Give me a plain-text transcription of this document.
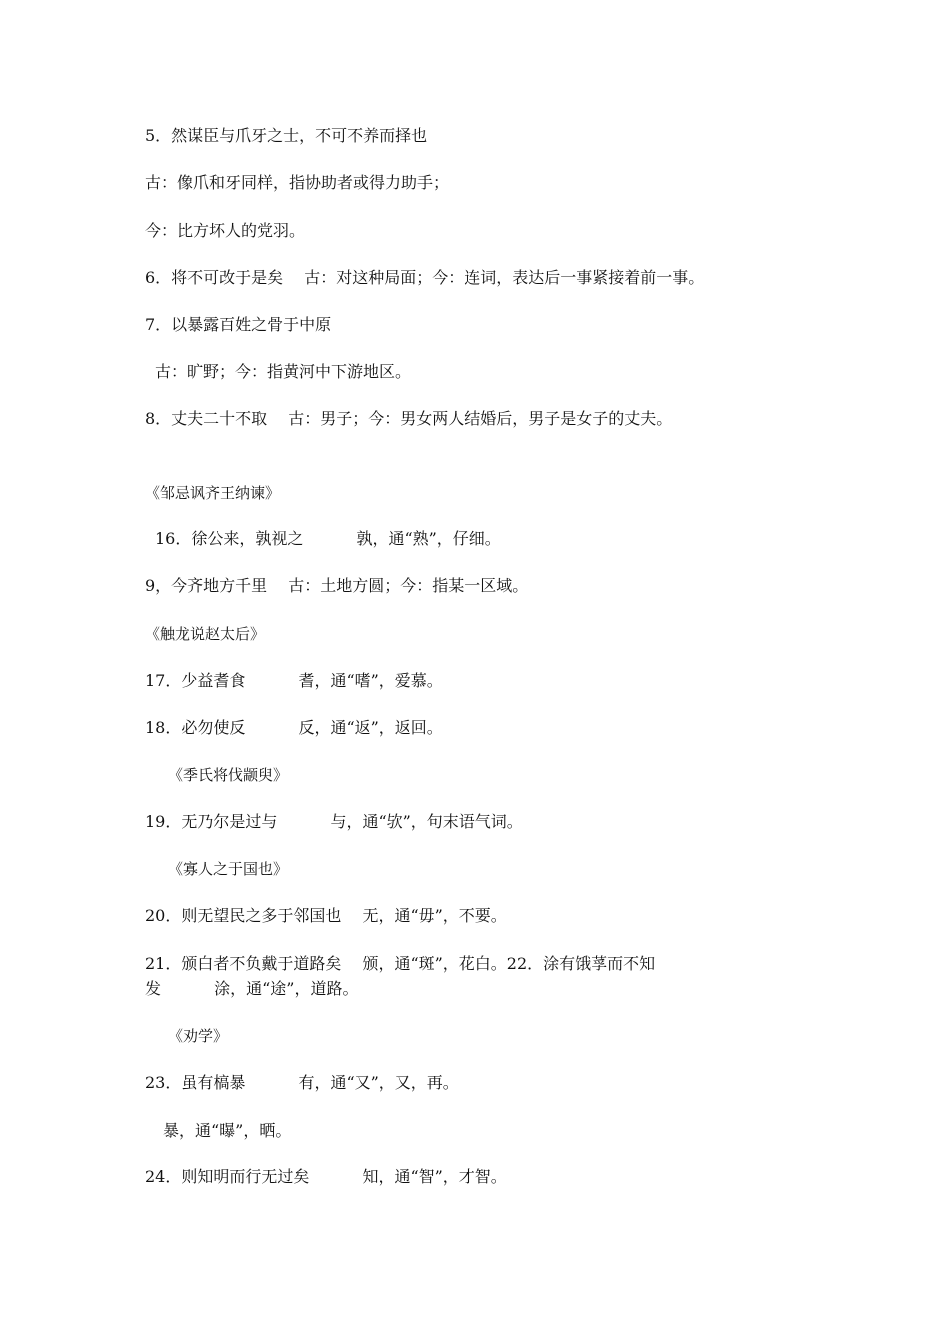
5．然谋臣与爪牙之士，不可不养而择也
古：像爪和牙同样，指协助者或得力助手；
今：比方坏人的党羽。
6．将不可改于是矣　 古：对这种局面；今：连词，表达后一事紧接着前一事。
7．以暴露百姓之骨于中原
古：旷野；今：指黄河中下游地区。
8．丈夫二十不取　 古：男子；今：男女两人结婚后，男子是女子的丈夫。
《邹忌讽齐王纳谏》
16．徐公来，孰视之　　　 孰，通“熟”，仔细。
9，今齐地方千里　 古：土地方圆；今：指某一区域。
《触龙说赵太后》
17．少益耆食　　　 耆，通“嗜”，爱慕。
18．必勿使反　　　 反，通“返”，返回。
《季氏将伐颛臾》
19．无乃尔是过与　　　 与，通“欤”，句末语气词。
《寡人之于国也》
20．则无望民之多于邻国也　 无，通“毋”，不要。
21．颁白者不负戴于道路矣　 颁，通“斑”，花白。22．涂有饿莩而不知
发　　　 涂，通“途”，道路。
《劝学》
23．虽有槁暴　　　 有，通“又”，又，再。
暴，通“曝”，晒。
24．则知明而行无过矣　　　 知，通“智”，才智。
